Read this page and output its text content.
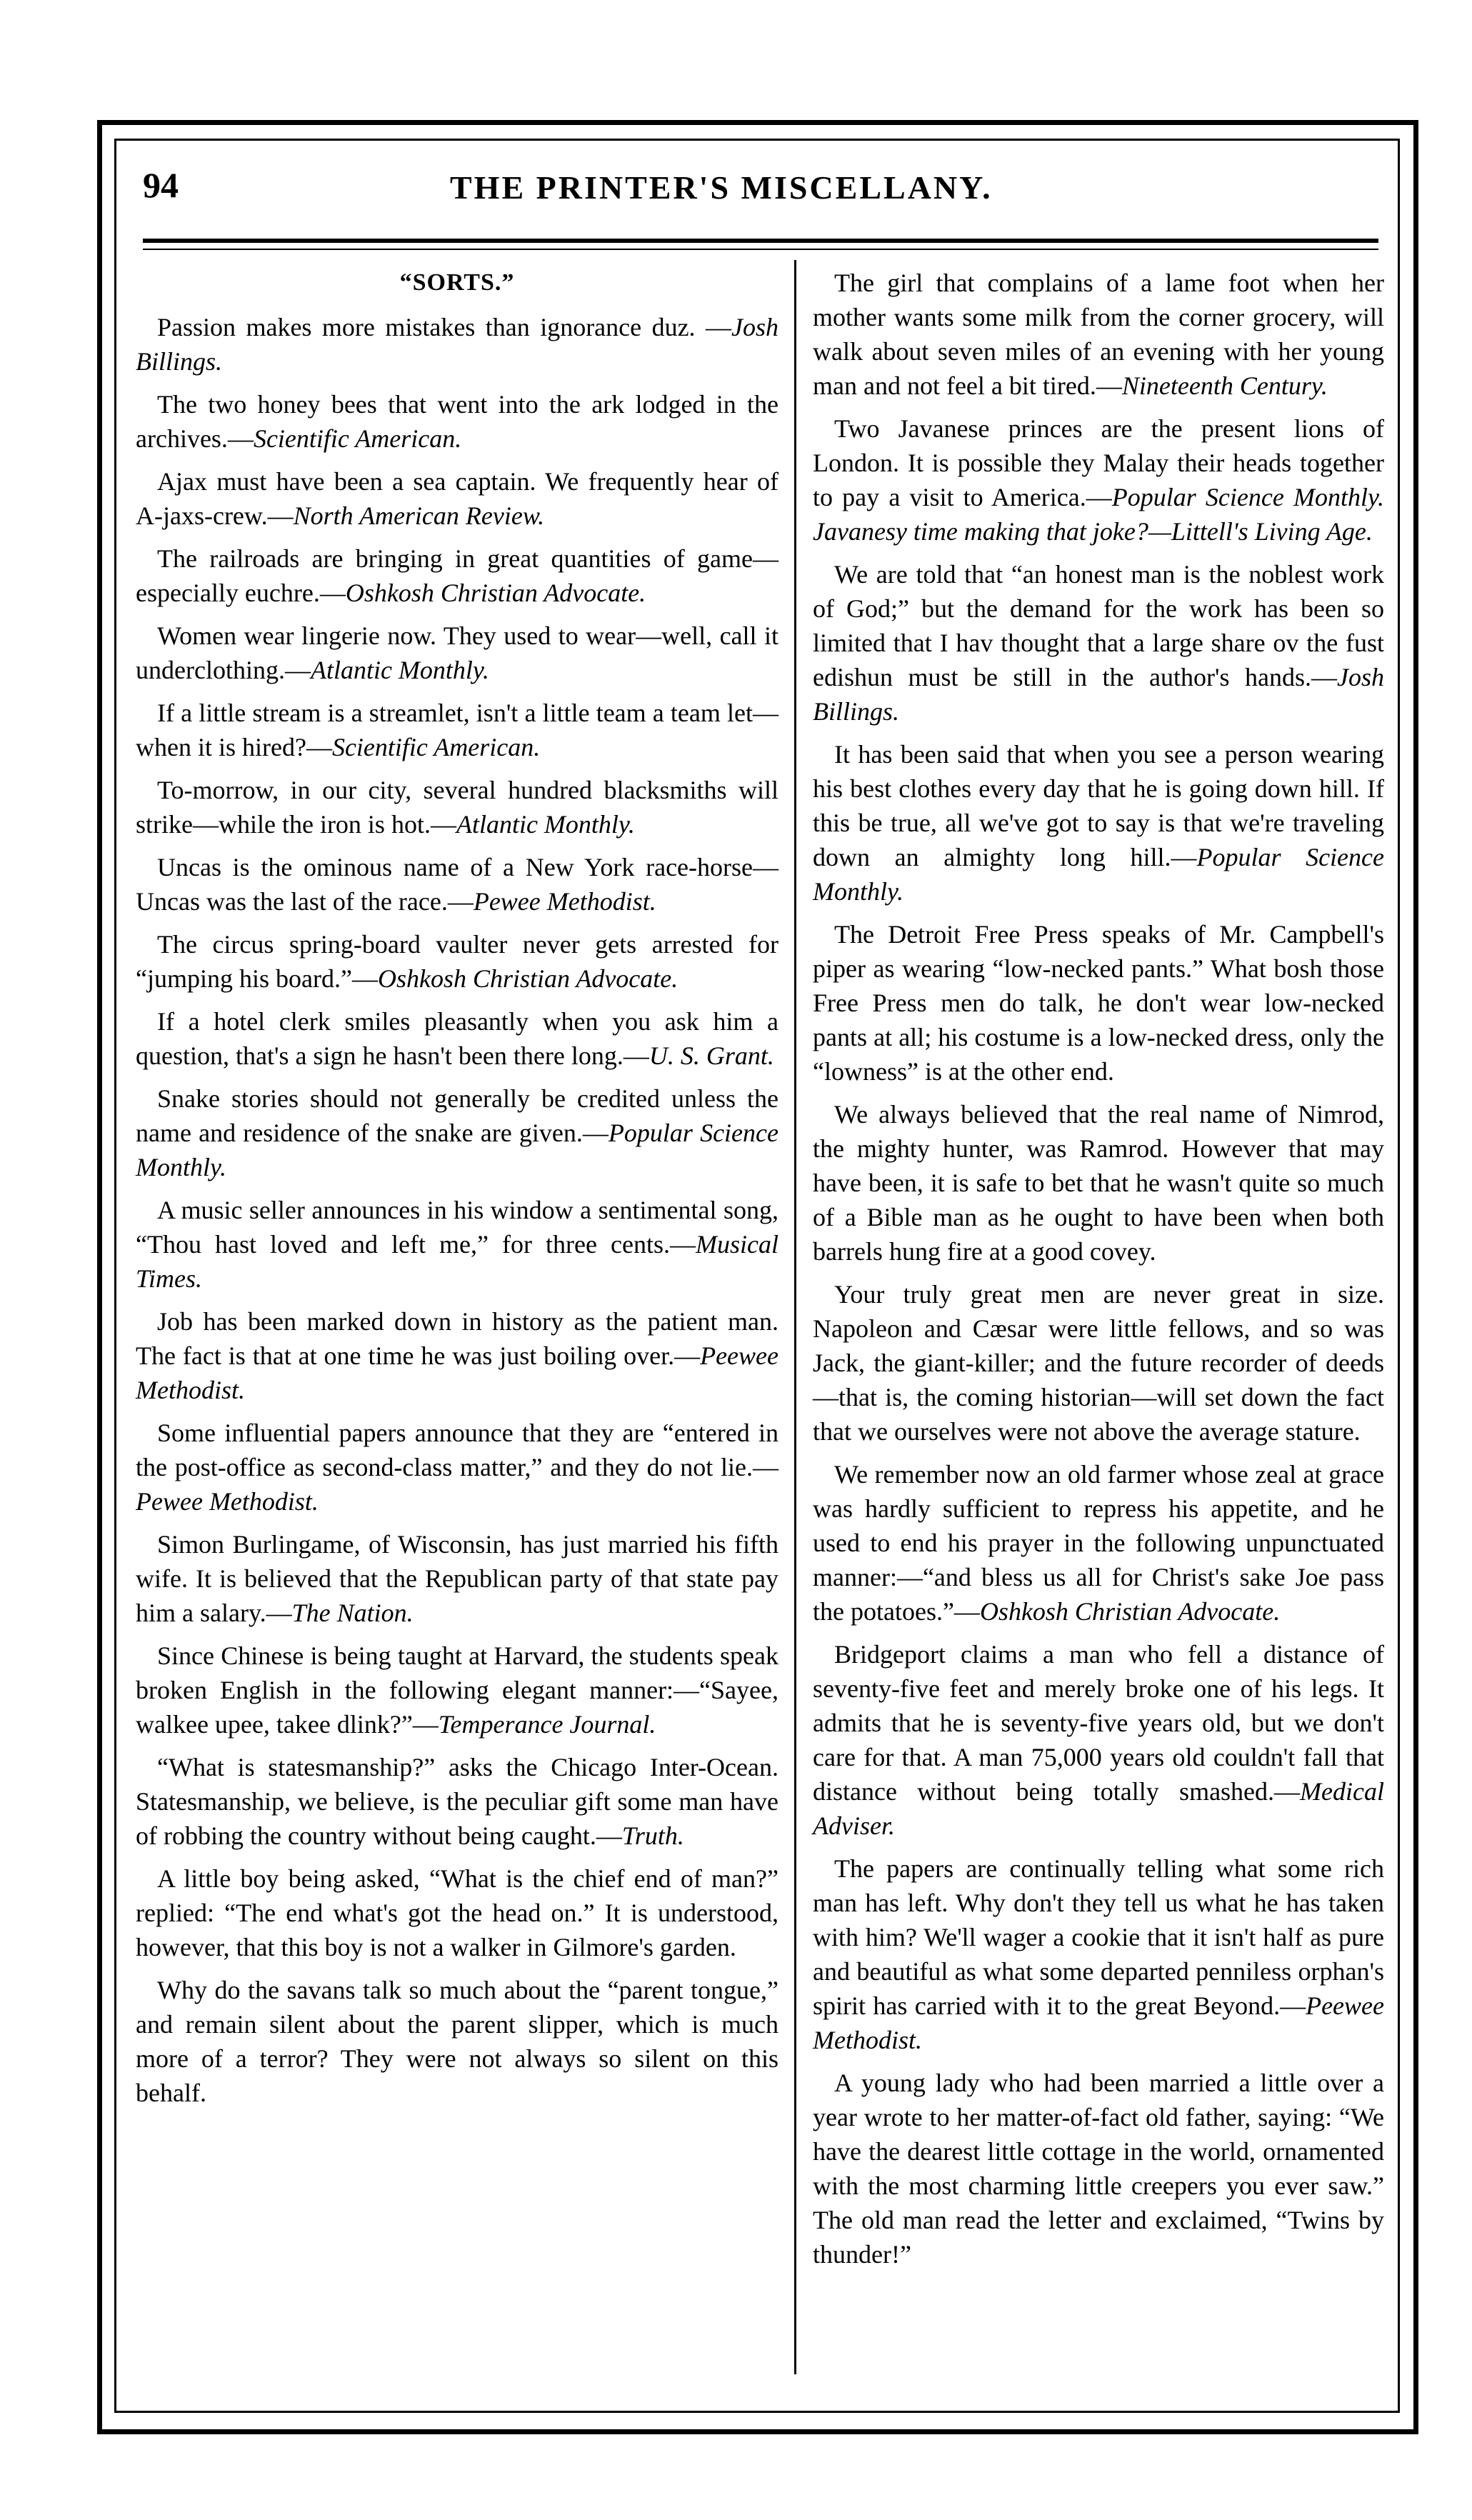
94	THE PRINTER'S MISCELLANY.
“SORTS.”

Passion makes more mistakes than ignorance duz. —Josh Billings.

The two honey bees that went into the ark lodged in the archives.—Scientific American.

Ajax must have been a sea captain. We frequently hear of A-jaxs-crew.—North American Review.

The railroads are bringing in great quantities of game—especially euchre.—Oshkosh Christian Advocate.

Women wear lingerie now. They used to wear—well, call it underclothing.—Atlantic Monthly.

If a little stream is a streamlet, isn't a little team a team let—when it is hired?—Scientific American.

To-morrow, in our city, several hundred blacksmiths will strike—while the iron is hot.—Atlantic Monthly.

Uncas is the ominous name of a New York race-horse—Uncas was the last of the race.—Pewee Methodist.

The circus spring-board vaulter never gets arrested for “jumping his board.”—Oshkosh Christian Advocate.

If a hotel clerk smiles pleasantly when you ask him a question, that's a sign he hasn't been there long.—U. S. Grant.

Snake stories should not generally be credited unless the name and residence of the snake are given.—Popular Science Monthly.

A music seller announces in his window a sentimental song, “Thou hast loved and left me,” for three cents.—Musical Times.

Job has been marked down in history as the patient man. The fact is that at one time he was just boiling over.—Peewee Methodist.

Some influential papers announce that they are “entered in the post-office as second-class matter,” and they do not lie.—Pewee Methodist.

Simon Burlingame, of Wisconsin, has just married his fifth wife. It is believed that the Republican party of that state pay him a salary.—The Nation.

Since Chinese is being taught at Harvard, the students speak broken English in the following elegant manner:—“Sayee, walkee upee, takee dlink?”—Temperance Journal.

“What is statesmanship?” asks the Chicago Inter-Ocean. Statesmanship, we believe, is the peculiar gift some man have of robbing the country without being caught.—Truth.

A little boy being asked, “What is the chief end of man?” replied: “The end what's got the head on.” It is understood, however, that this boy is not a walker in Gilmore's garden.

Why do the savans talk so much about the “parent tongue,” and remain silent about the parent slipper, which is much more of a terror? They were not always so silent on this behalf.

The girl that complains of a lame foot when her mother wants some milk from the corner grocery, will walk about seven miles of an evening with her young man and not feel a bit tired.—Nineteenth Century.

Two Javanese princes are the present lions of London. It is possible they Malay their heads together to pay a visit to America.—Popular Science Monthly. Javanesy time making that joke?—Littell's Living Age.

We are told that “an honest man is the noblest work of God;” but the demand for the work has been so limited that I hav thought that a large share ov the fust edishun must be still in the author's hands.—Josh Billings.

It has been said that when you see a person wearing his best clothes every day that he is going down hill. If this be true, all we've got to say is that we're traveling down an almighty long hill.—Popular Science Monthly.

The Detroit Free Press speaks of Mr. Campbell's piper as wearing “low-necked pants.” What bosh those Free Press men do talk, he don't wear low-necked pants at all; his costume is a low-necked dress, only the “lowness” is at the other end.

We always believed that the real name of Nimrod, the mighty hunter, was Ramrod. However that may have been, it is safe to bet that he wasn't quite so much of a Bible man as he ought to have been when both barrels hung fire at a good covey.

Your truly great men are never great in size. Napoleon and Cæsar were little fellows, and so was Jack, the giant-killer; and the future recorder of deeds—that is, the coming historian—will set down the fact that we ourselves were not above the average stature.

We remember now an old farmer whose zeal at grace was hardly sufficient to repress his appetite, and he used to end his prayer in the following unpunctuated manner:—“and bless us all for Christ's sake Joe pass the potatoes.”—Oshkosh Christian Advocate.

Bridgeport claims a man who fell a distance of seventy-five feet and merely broke one of his legs. It admits that he is seventy-five years old, but we don't care for that. A man 75,000 years old couldn't fall that distance without being totally smashed.—Medical Adviser.

The papers are continually telling what some rich man has left. Why don't they tell us what he has taken with him? We'll wager a cookie that it isn't half as pure and beautiful as what some departed penniless orphan's spirit has carried with it to the great Beyond.—Peewee Methodist.

A young lady who had been married a little over a year wrote to her matter-of-fact old father, saying: “We have the dearest little cottage in the world, ornamented with the most charming little creepers you ever saw.” The old man read the letter and exclaimed, “Twins by thunder!”
